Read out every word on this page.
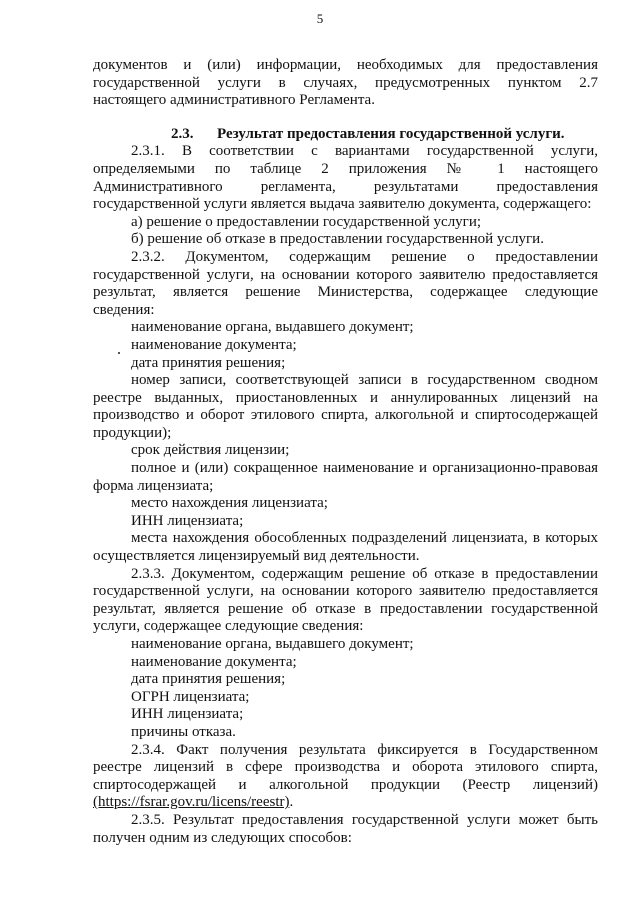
5

документов и (или) информации, необходимых для предоставления

государственной услуги в случаях, предусмотренных пунктом 2.7

настоящего административного Регламента.

2.3. Результат предоставления государственной услуги.

2.3.1. В соответствии с вариантами государственной услуги,

определяемыми по таблице 2 приложения № 1 настоящего

Административного регламента, результатами предоставления

государственной услуги является выдача заявителю документа, содержащего:

а) решение о предоставлении государственной услуги;

б) решение об отказе в предоставлении государственной услуги.

2.3.2. Документом, содержащим решение о предоставлении

государственной услуги, на основании которого заявителю предоставляется

результат, является решение Министерства, содержащее следующие

сведения:

наименование органа, выдавшего документ;

наименование документа;

дата принятия решения;

номер записи, соответствующей записи в государственном сводном

реестре выданных, приостановленных и аннулированных лицензий на

производство и оборот этилового спирта, алкогольной и спиртосодержащей

продукции);

срок действия лицензии;

полное и (или) сокращенное наименование и организационно-правовая

форма лицензиата;

место нахождения лицензиата;

ИНН лицензиата;

места нахождения обособленных подразделений лицензиата, в которых

осуществляется лицензируемый вид деятельности.

2.3.3. Документом, содержащим решение об отказе в предоставлении

государственной услуги, на основании которого заявителю предоставляется

результат, является решение об отказе в предоставлении государственной

услуги, содержащее следующие сведения:

наименование органа, выдавшего документ;

наименование документа;

дата принятия решения;

ОГРН лицензиата;

ИНН лицензиата;

причины отказа.

2.3.4. Факт получения результата фиксируется в Государственном

реестре лицензий в сфере производства и оборота этилового спирта,

спиртосодержащей и алкогольной продукции (Реестр лицензий)

(https://fsrar.gov.ru/licens/reestr).

2.3.5. Результат предоставления государственной услуги может быть

получен одним из следующих способов:
